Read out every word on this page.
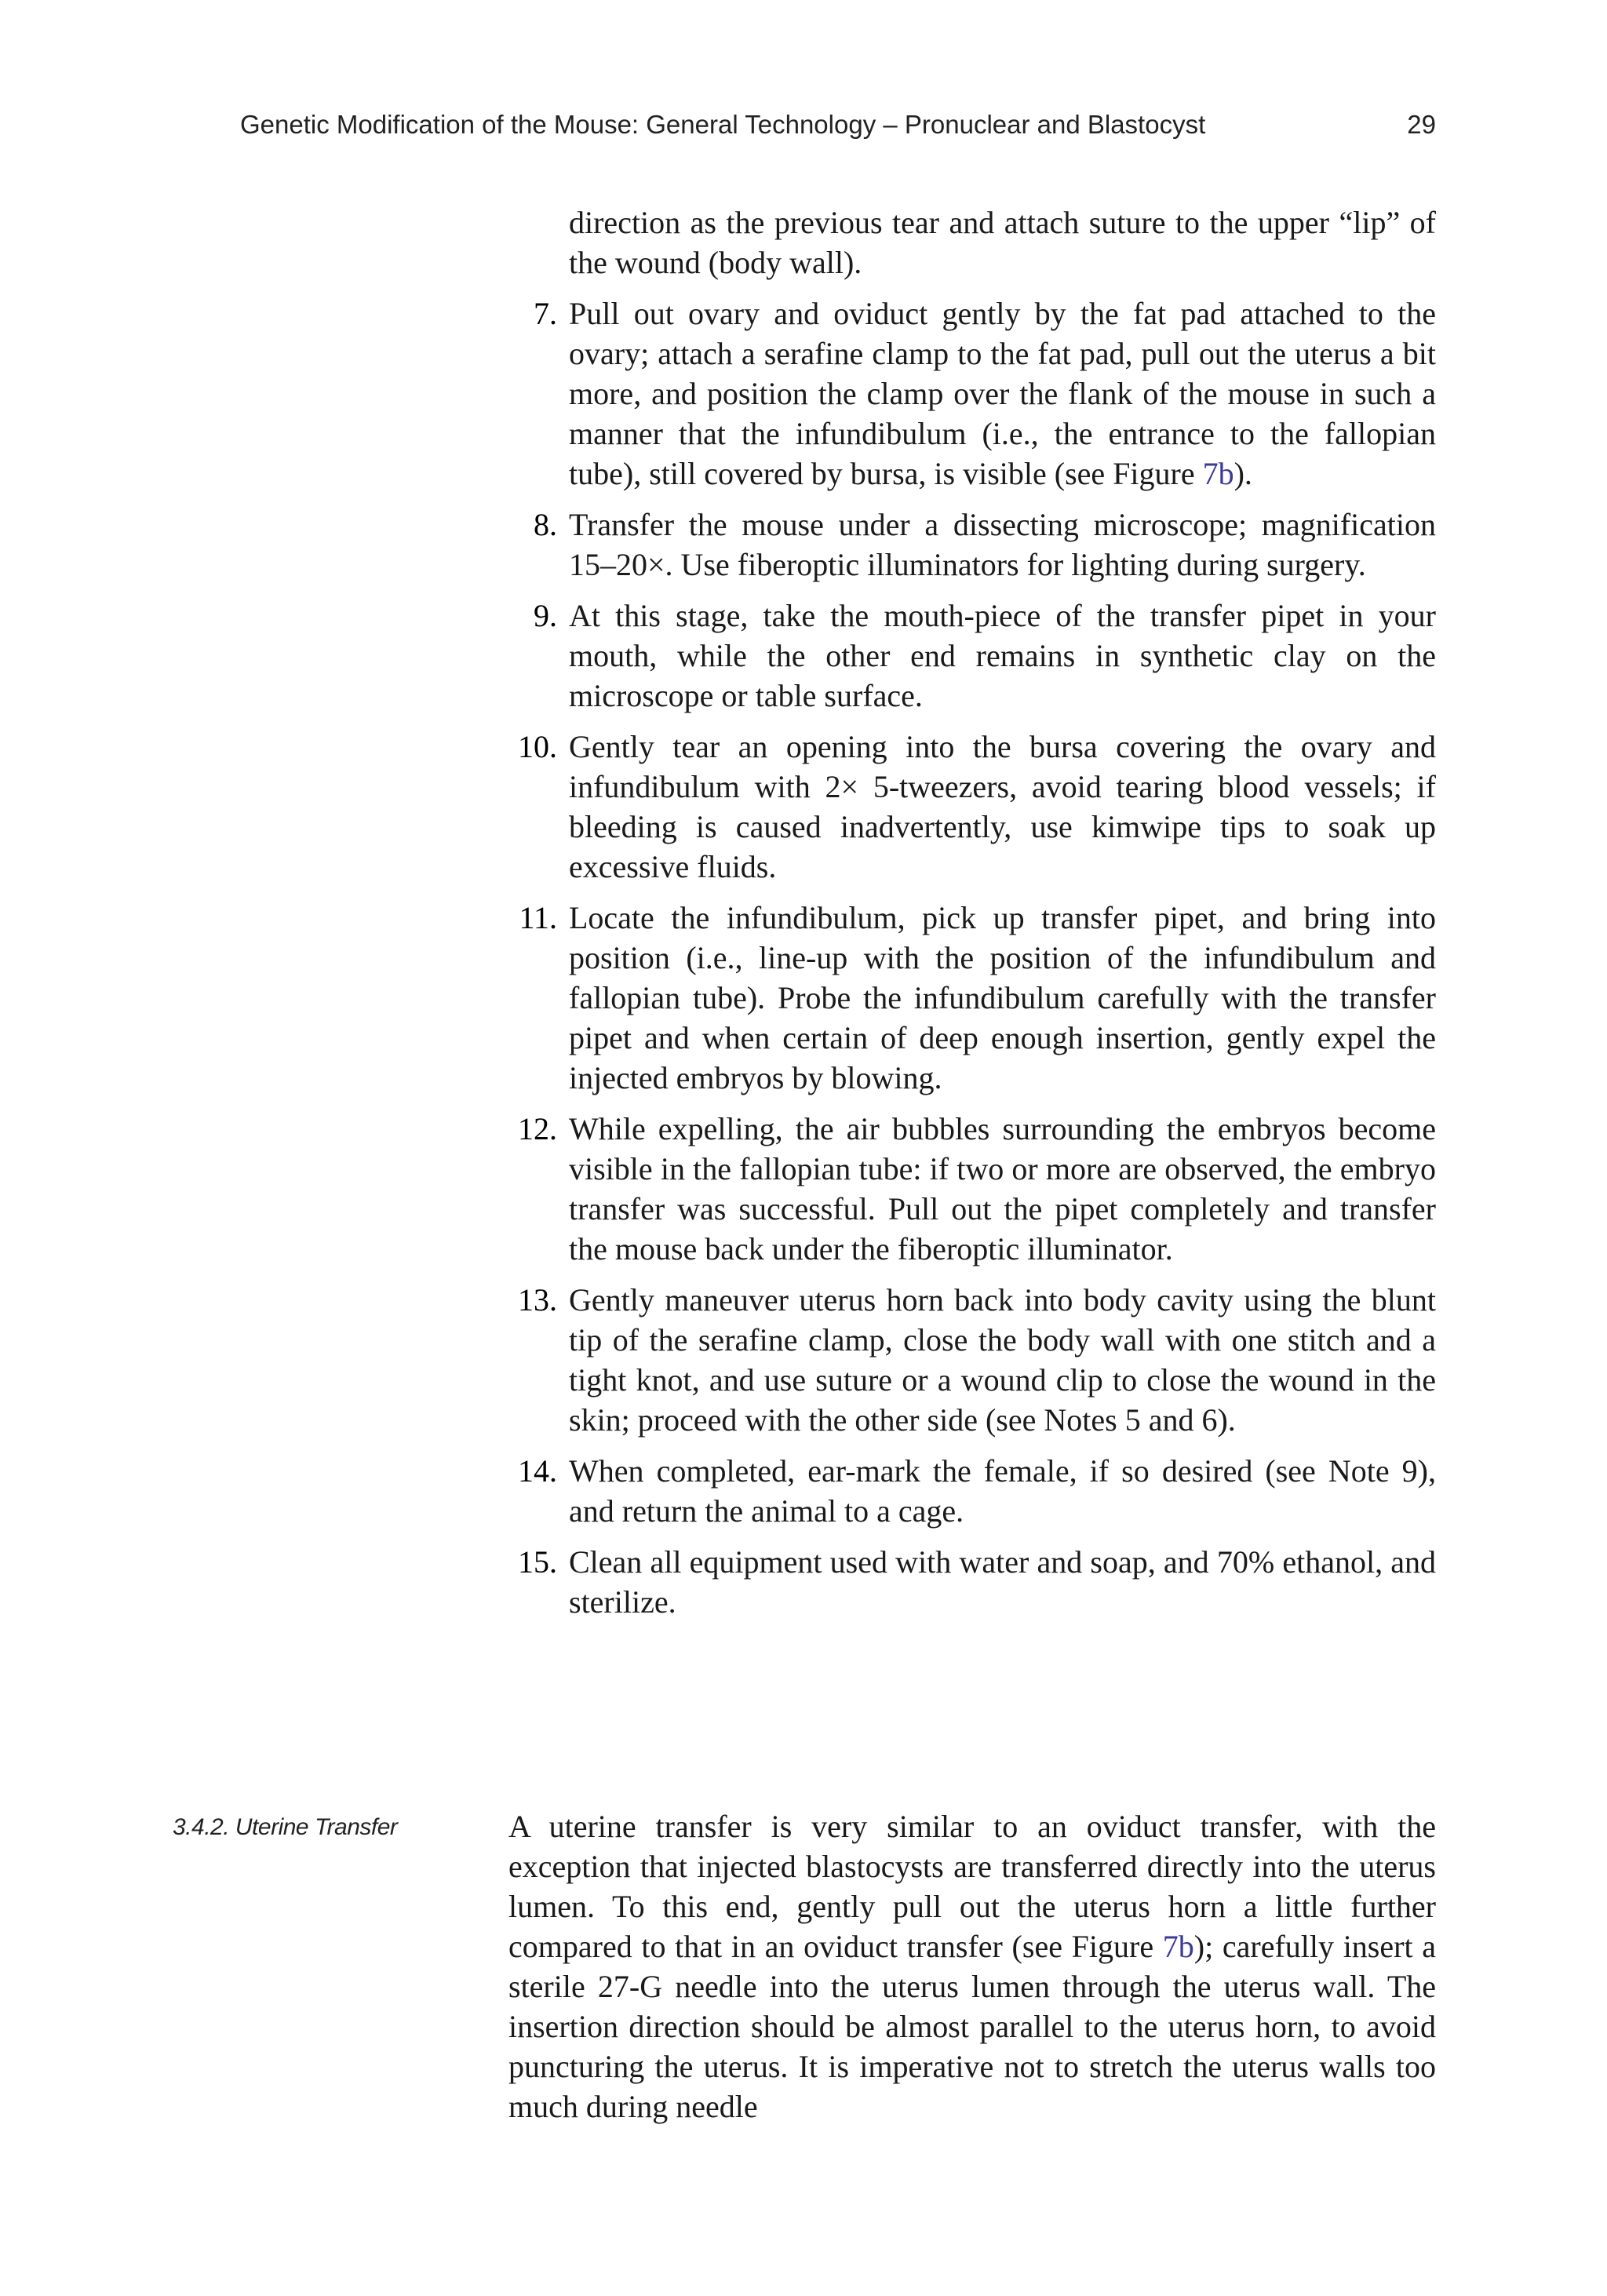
Genetic Modification of the Mouse: General Technology – Pronuclear and Blastocyst	29

direction as the previous tear and attach suture to the upper “lip” of the wound (body wall).

7. Pull out ovary and oviduct gently by the fat pad attached to the ovary; attach a serafine clamp to the fat pad, pull out the uterus a bit more, and position the clamp over the flank of the mouse in such a manner that the infundibulum (i.e., the entrance to the fallopian tube), still covered by bursa, is visible (see Figure 7b).
8. Transfer the mouse under a dissecting microscope; magnification 15–20×. Use fiberoptic illuminators for lighting during surgery.
9. At this stage, take the mouth-piece of the transfer pipet in your mouth, while the other end remains in synthetic clay on the microscope or table surface.
10. Gently tear an opening into the bursa covering the ovary and infundibulum with 2× 5-tweezers, avoid tearing blood vessels; if bleeding is caused inadvertently, use kimwipe tips to soak up excessive fluids.
11. Locate the infundibulum, pick up transfer pipet, and bring into position (i.e., line-up with the position of the infundibulum and fallopian tube). Probe the infundibulum carefully with the transfer pipet and when certain of deep enough insertion, gently expel the injected embryos by blowing.
12. While expelling, the air bubbles surrounding the embryos become visible in the fallopian tube: if two or more are observed, the embryo transfer was successful. Pull out the pipet completely and transfer the mouse back under the fiberoptic illuminator.
13. Gently maneuver uterus horn back into body cavity using the blunt tip of the serafine clamp, close the body wall with one stitch and a tight knot, and use suture or a wound clip to close the wound in the skin; proceed with the other side (see Notes 5 and 6).
14. When completed, ear-mark the female, if so desired (see Note 9), and return the animal to a cage.
15. Clean all equipment used with water and soap, and 70% ethanol, and sterilize.
3.4.2. Uterine Transfer	A uterine transfer is very similar to an oviduct transfer, with the exception that injected blastocysts are transferred directly into the uterus lumen. To this end, gently pull out the uterus horn a little further compared to that in an oviduct transfer (see Figure 7b); carefully insert a sterile 27-G needle into the uterus lumen through the uterus wall. The insertion direction should be almost parallel to the uterus horn, to avoid puncturing the uterus. It is imperative not to stretch the uterus walls too much during needle
